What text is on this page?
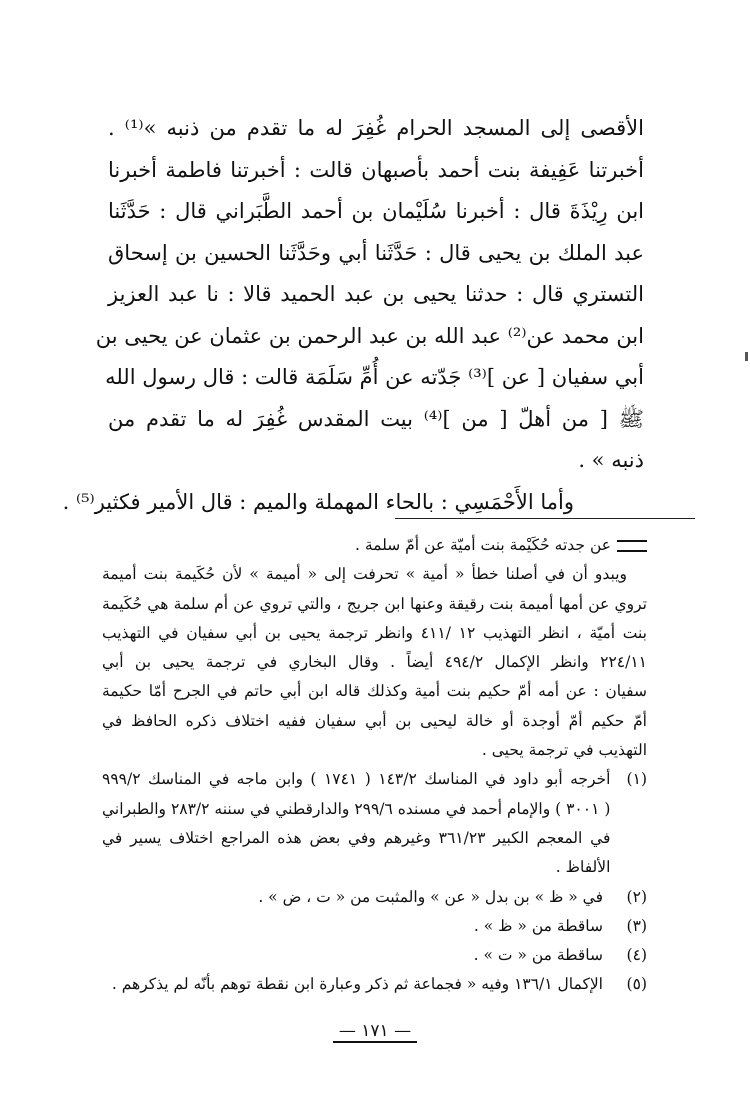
الأقصى إلى المسجد الحرام غُفِرَ له ما تقدم من ذنبه »⁽¹⁾ .
أخبرتنا عَفِيفة بنت أحمد بأصبهان قالت : أخبرتنا فاطمة أخبرنا
ابن رِيْذَةَ قال : أخبرنا سُلَيْمان بن أحمد الطَّبَراني قال : حَدَّثَنا
عبد الملك بن يحيى قال : حَدَّثَنا أبي وحَدَّثَنا الحسين بن إسحاق
التستري قال : حدثنا يحيى بن عبد الحميد قالا : نا عبد العزيز
ابن محمد عن⁽²⁾ عبد الله بن عبد الرحمن بن عثمان عن يحيى بن
أبي سفيان [ عن ]⁽³⁾ جَدّته عن أُمِّ سَلَمَة قالت : قال رسول الله
ﷺ [ من أهلّ [ من ]⁽⁴⁾ بيت المقدس غُفِرَ له ما تقدم من
ذنبه » .
وأما الأَحْمَسِي : بالحاء المهملة والميم : قال الأمير فكثير⁽⁵⁾ .
عن جدته حُكَيْمة بنت أميّة عن أمّ سلمة .
ويبدو أن في أصلنا خطأ « أمية » تحرفت إلى « أميمة » لأن حُكَيمة بنت أميمة
تروي عن أمها أميمة بنت رقيقة وعنها ابن جريج ، والتي تروي عن أم سلمة هي حُكَيمة
بنت أميّة ، انظر التهذيب ١٢ /٤١١ وانظر ترجمة يحيى بن أبي سفيان في التهذيب
٢٢٤/١١ وانظر الإكمال ٤٩٤/٢ أيضاً . وقال البخاري في ترجمة يحيى بن أبي
سفيان : عن أمه أمّ حكيم بنت أمية وكذلك قاله ابن أبي حاتم في الجرح أمّا حكيمة
أمّ حكيم أمّ أوجدة أو خالة ليحيى بن أبي سفيان ففيه اختلاف ذكره الحافظ في
التهذيب في ترجمة يحيى .
(١)
أخرجه أبو داود في المناسك ١٤٣/٢ ( ١٧٤١ ) وابن ماجه في المناسك ٩٩٩/٢
( ٣٠٠١ ) والإمام أحمد في مسنده ٢٩٩/٦ والدارقطني في سننه ٢٨٣/٢ والطبراني
في المعجم الكبير ٣٦١/٢٣ وغيرهم وفي بعض هذه المراجع اختلاف يسير في
الألفاظ .
(٢)
في « ظ » بن بدل « عن » والمثبت من « ت ، ض » .
(٣)
ساقطة من « ظ » .
(٤)
ساقطة من « ت » .
(٥)
الإكمال ١٣٦/١ وفيه « فجماعة ثم ذكر وعبارة ابن نقطة توهم بأنّه لم يذكرهم .
— ١٧١ —
